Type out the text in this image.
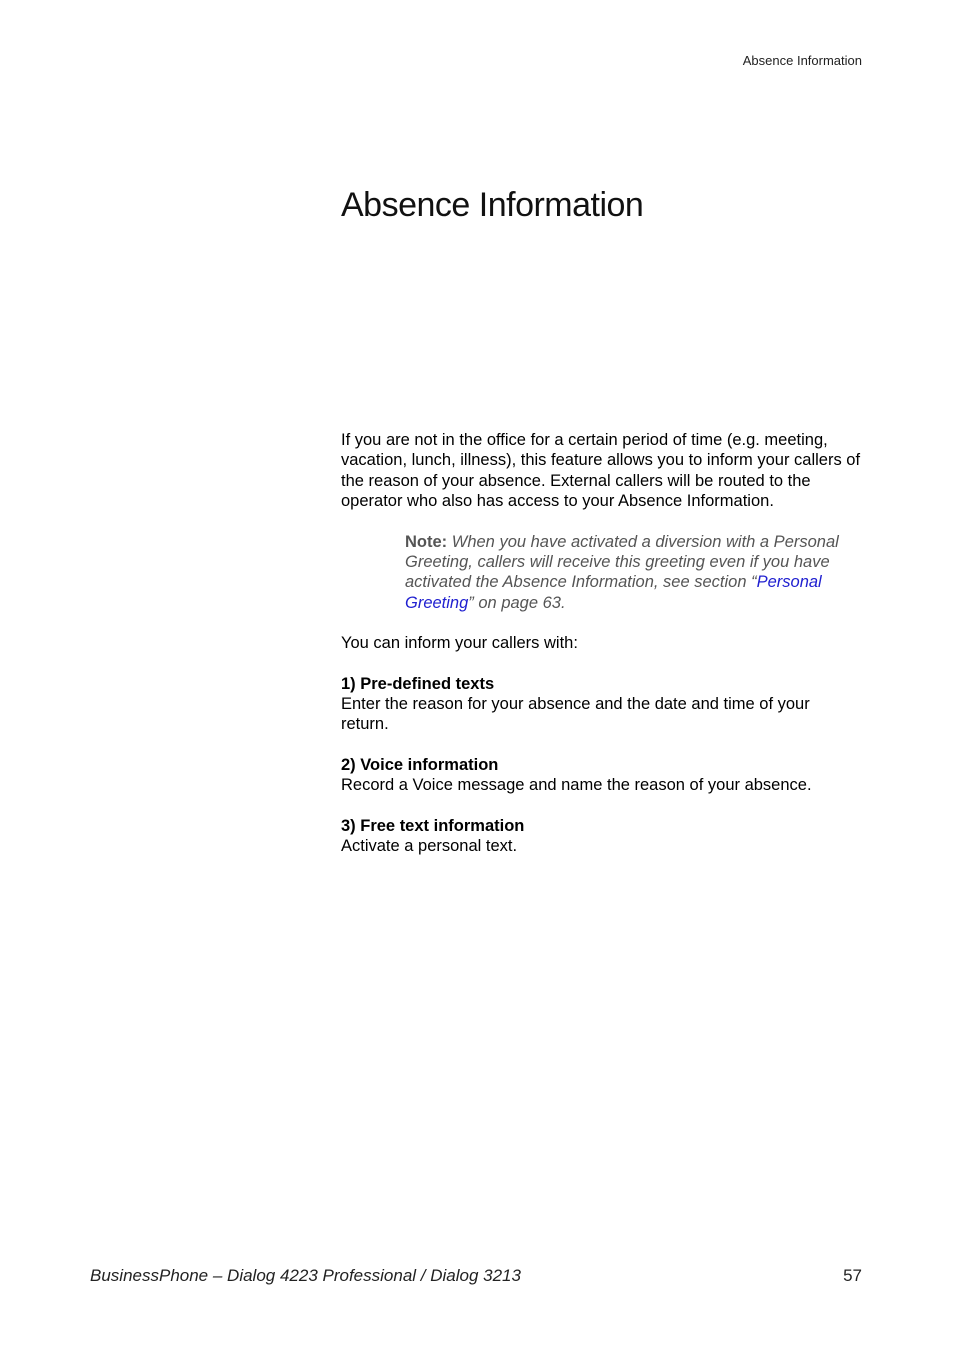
Absence Information
Absence Information

If you are not in the office for a certain period of time (e.g. meeting, vacation, lunch, illness), this feature allows you to inform your callers of the reason of your absence. External callers will be routed to the operator who also has access to your Absence Information.

Note: When you have activated a diversion with a Personal Greeting, callers will receive this greeting even if you have activated the Absence Information, see section “Personal Greeting” on page 63.

You can inform your callers with:

1) Pre-defined texts

Enter the reason for your absence and the date and time of your return.

2) Voice information

Record a Voice message and name the reason of your absence.

3) Free text information

Activate a personal text.

BusinessPhone – Dialog 4223 Professional / Dialog 3213	57
